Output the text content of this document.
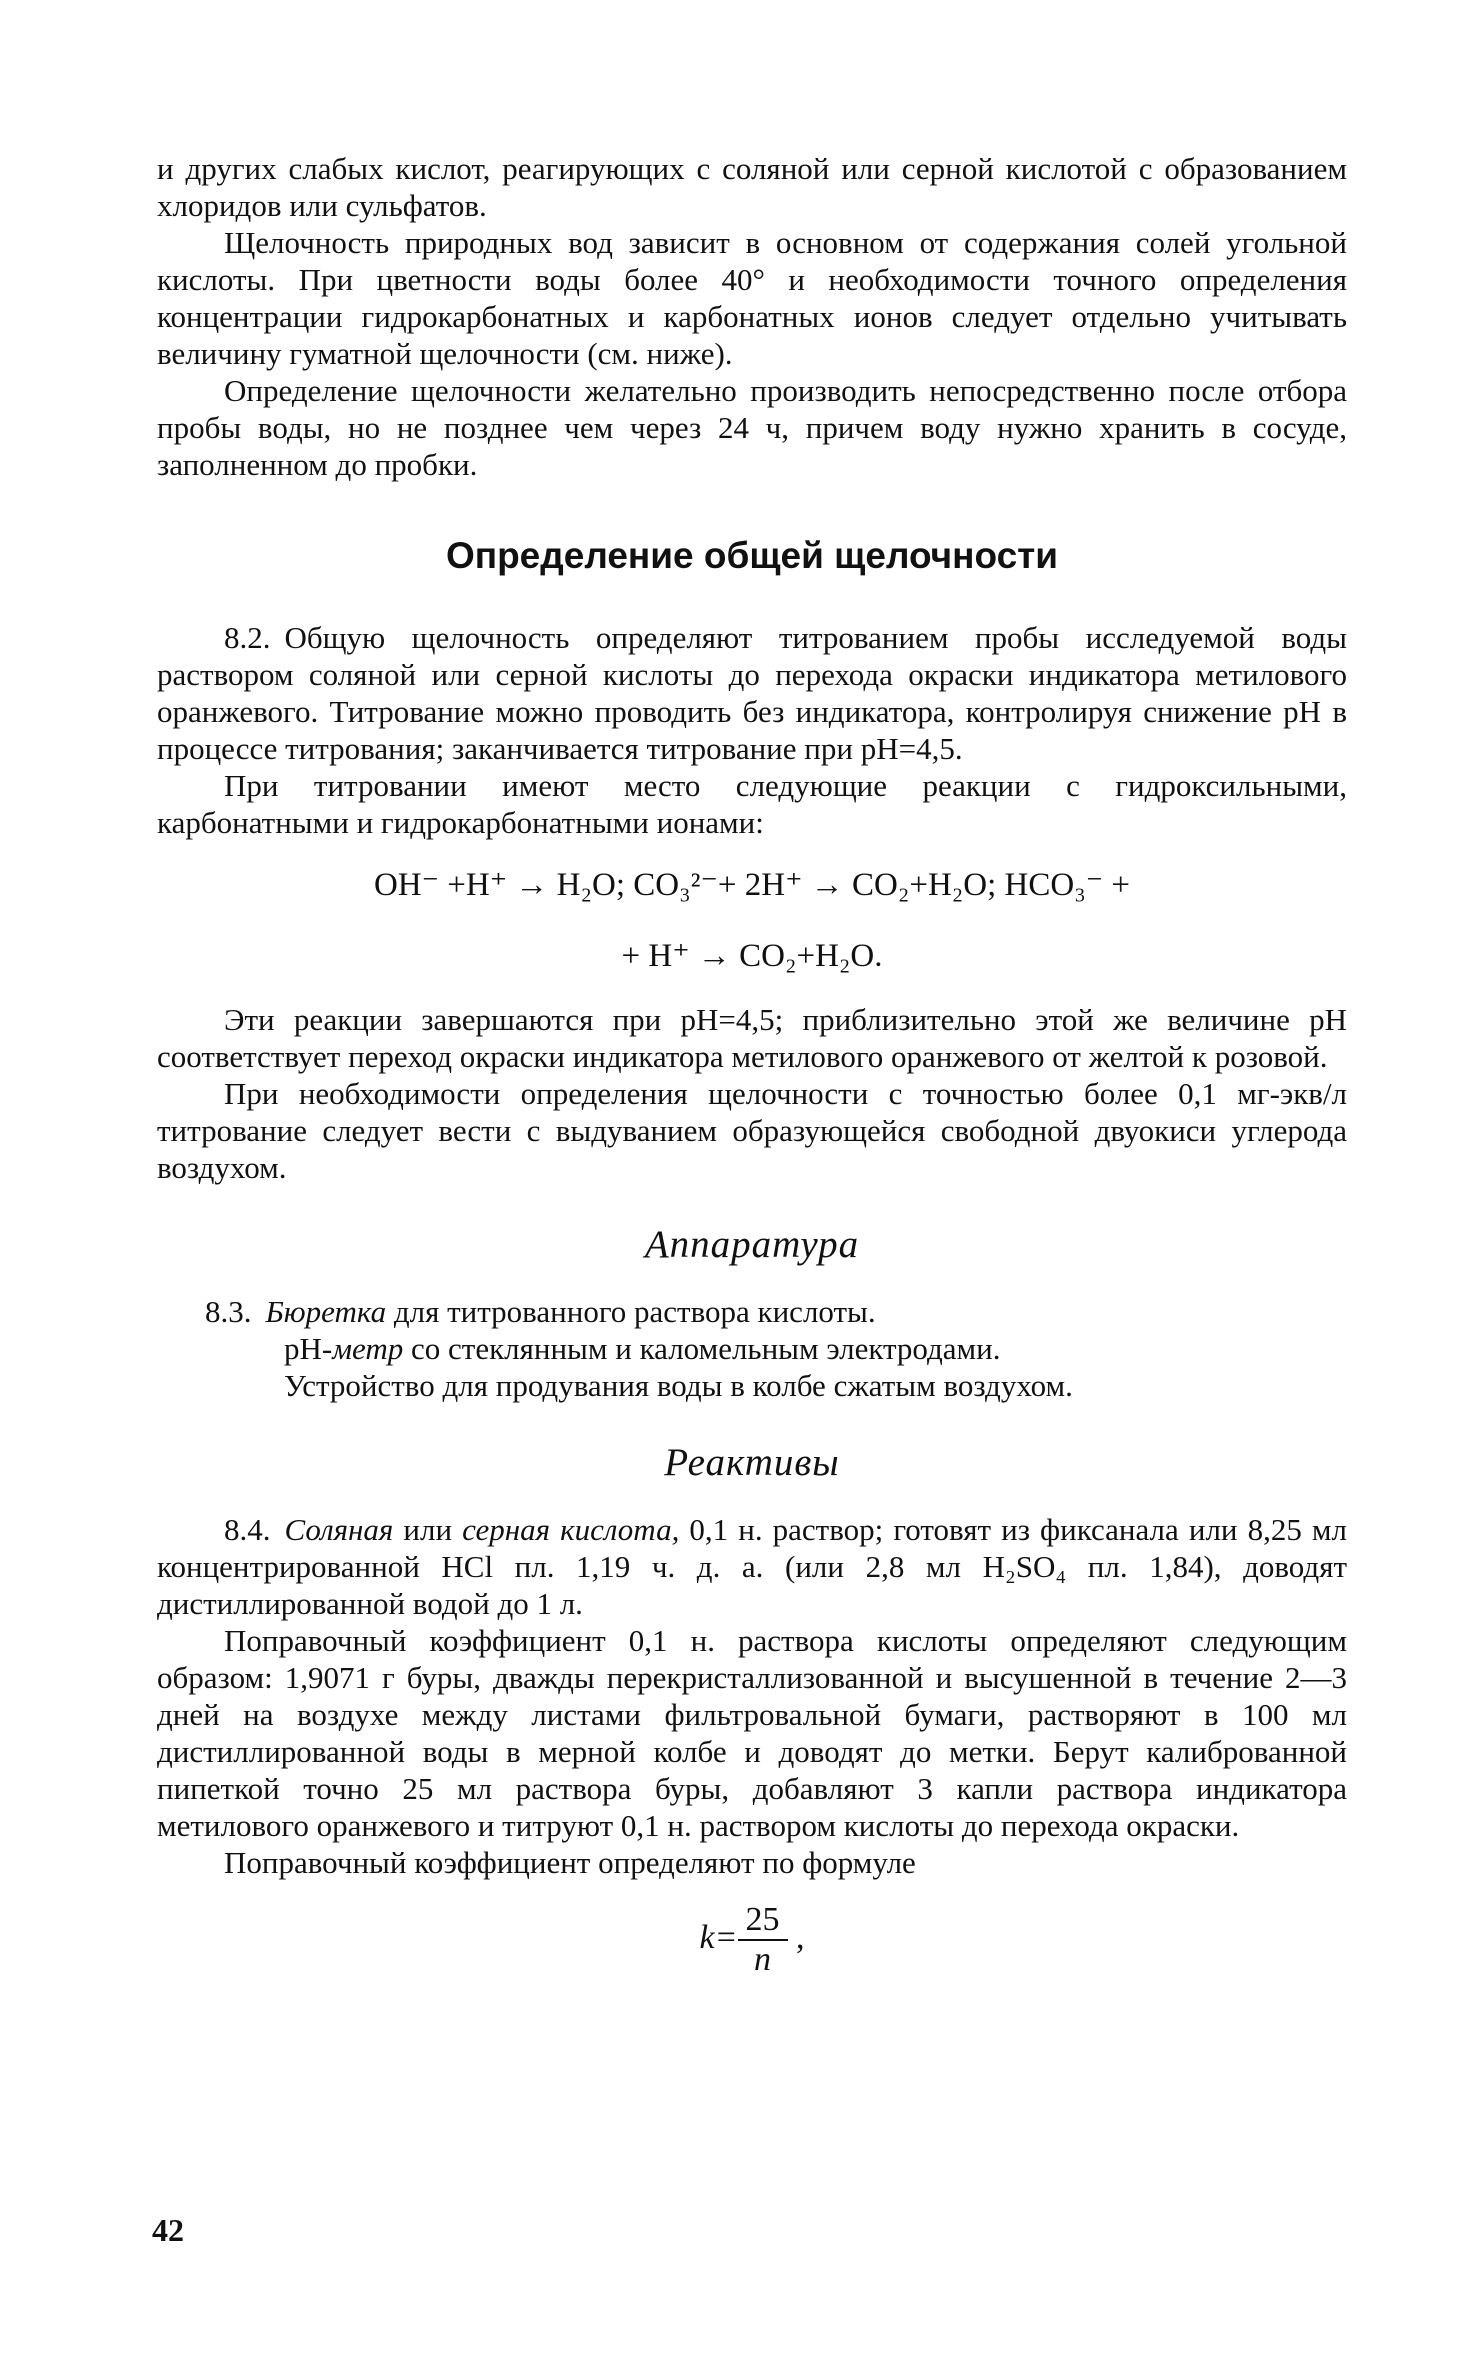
и других слабых кислот, реагирующих с соляной или серной кислотой с образованием хлоридов или сульфатов.

Щелочность природных вод зависит в основном от содержания солей угольной кислоты. При цветности воды более 40° и необходимости точного определения концентрации гидрокарбонатных и карбонатных ионов следует отдельно учитывать величину гуматной щелочности (см. ниже).

Определение щелочности желательно производить непосредственно после отбора пробы воды, но не позднее чем через 24 ч, причем воду нужно хранить в сосуде, заполненном до пробки.

Определение общей щелочности

8.2. Общую щелочность определяют титрованием пробы исследуемой воды раствором соляной или серной кислоты до перехода окраски индикатора метилового оранжевого. Титрование можно проводить без индикатора, контролируя снижение pH в процессе титрования; заканчивается титрование при pH=4,5.

При титровании имеют место следующие реакции с гидроксильными, карбонатными и гидрокарбонатными ионами:

OH⁻ +H⁺ → H₂O; CO₃²⁻+ 2H⁺ → CO₂+H₂O; HCO₃⁻ +
+ H⁺ → CO₂+H₂O.

Эти реакции завершаются при pH=4,5; приблизительно этой же величине pH соответствует переход окраски индикатора метилового оранжевого от желтой к розовой.

При необходимости определения щелочности с точностью более 0,1 мг-экв/л титрование следует вести с выдуванием образующейся свободной двуокиси углерода воздухом.

Аппаратура

8.3. Бюретка для титрованного раствора кислоты.

pH-метр со стеклянным и каломельным электродами.

Устройство для продувания воды в колбе сжатым воздухом.

Реактивы

8.4. Соляная или серная кислота, 0,1 н. раствор; готовят из фиксанала или 8,25 мл концентрированной HCl пл. 1,19 ч. д. а. (или 2,8 мл H₂SO₄ пл. 1,84), доводят дистиллированной водой до 1 л.

Поправочный коэффициент 0,1 н. раствора кислоты определяют следующим образом: 1,9071 г буры, дважды перекристаллизованной и высушенной в течение 2—3 дней на воздухе между листами фильтровальной бумаги, растворяют в 100 мл дистиллированной воды в мерной колбе и доводят до метки. Берут калиброванной пипеткой точно 25 мл раствора буры, добавляют 3 капли раствора индикатора метилового оранжевого и титруют 0,1 н. раствором кислоты до перехода окраски.

Поправочный коэффициент определяют по формуле

$k= \frac{25}{n}$ ,
42
